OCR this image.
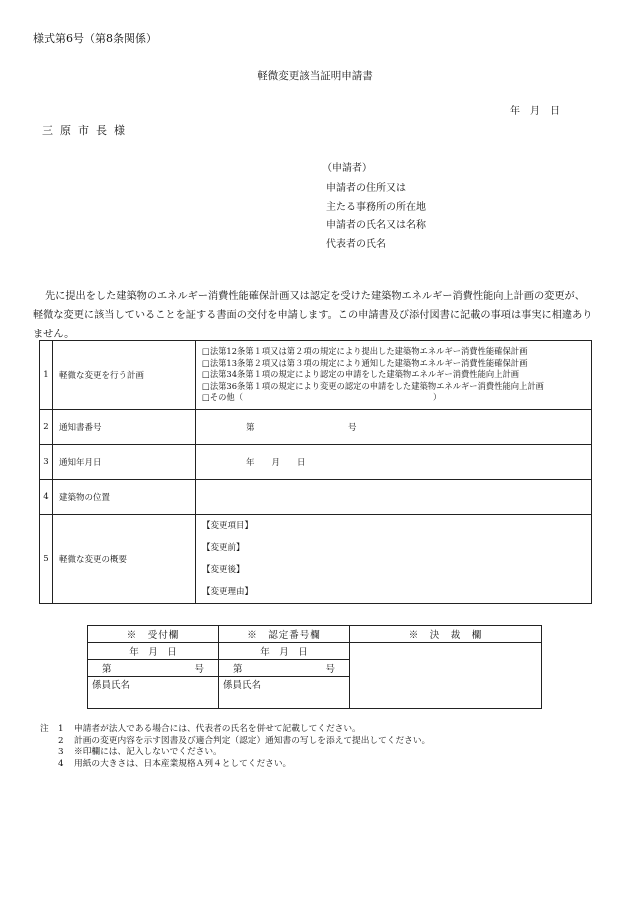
様式第6号（第8条関係）
軽微変更該当証明申請書
年　月　日
三原市長様
（申請者）
申請者の住所又は
主たる事務所の所在地
申請者の氏名又は名称
代表者の氏名
先に提出をした建築物のエネルギー消費性能確保計画又は認定を受けた建築物エネルギー消費性能向上計画の変更が、軽微な変更に該当していることを証する書面の交付を申請します。この申請書及び添付図書に記載の事項は事実に相違ありません。
1	軽微な変更を行う計画	□法第12条第１項又は第２項の規定により提出した建築物エネルギー消費性能確保計画
□法第13条第２項又は第３項の規定により通知した建築物エネルギー消費性能確保計画
□法第34条第１項の規定により認定の申請をした建築物エネルギー消費性能向上計画
□法第36条第１項の規定により変更の認定の申請をした建築物エネルギー消費性能向上計画
□その他（ ）

2	通知書番号	第 号
3	通知年月日	年　　月　　日
4	建築物の位置	
5	軽微な変更の概要	【変更項目】
【変更前】
【変更後】
【変更理由】
※　受付欄	※　認定番号欄	※　決　裁　欄
年　月　日	年　月　日	

第 号	第 号	

係員氏名	係員氏名	
注	1	申請者が法人である場合には、代表者の氏名を併せて記載してください。
2	計画の変更内容を示す図書及び適合判定（認定）通知書の写しを添えて提出してください。
3	※印欄には、記入しないでください。
4	用紙の大きさは、日本産業規格Ａ列４としてください。
